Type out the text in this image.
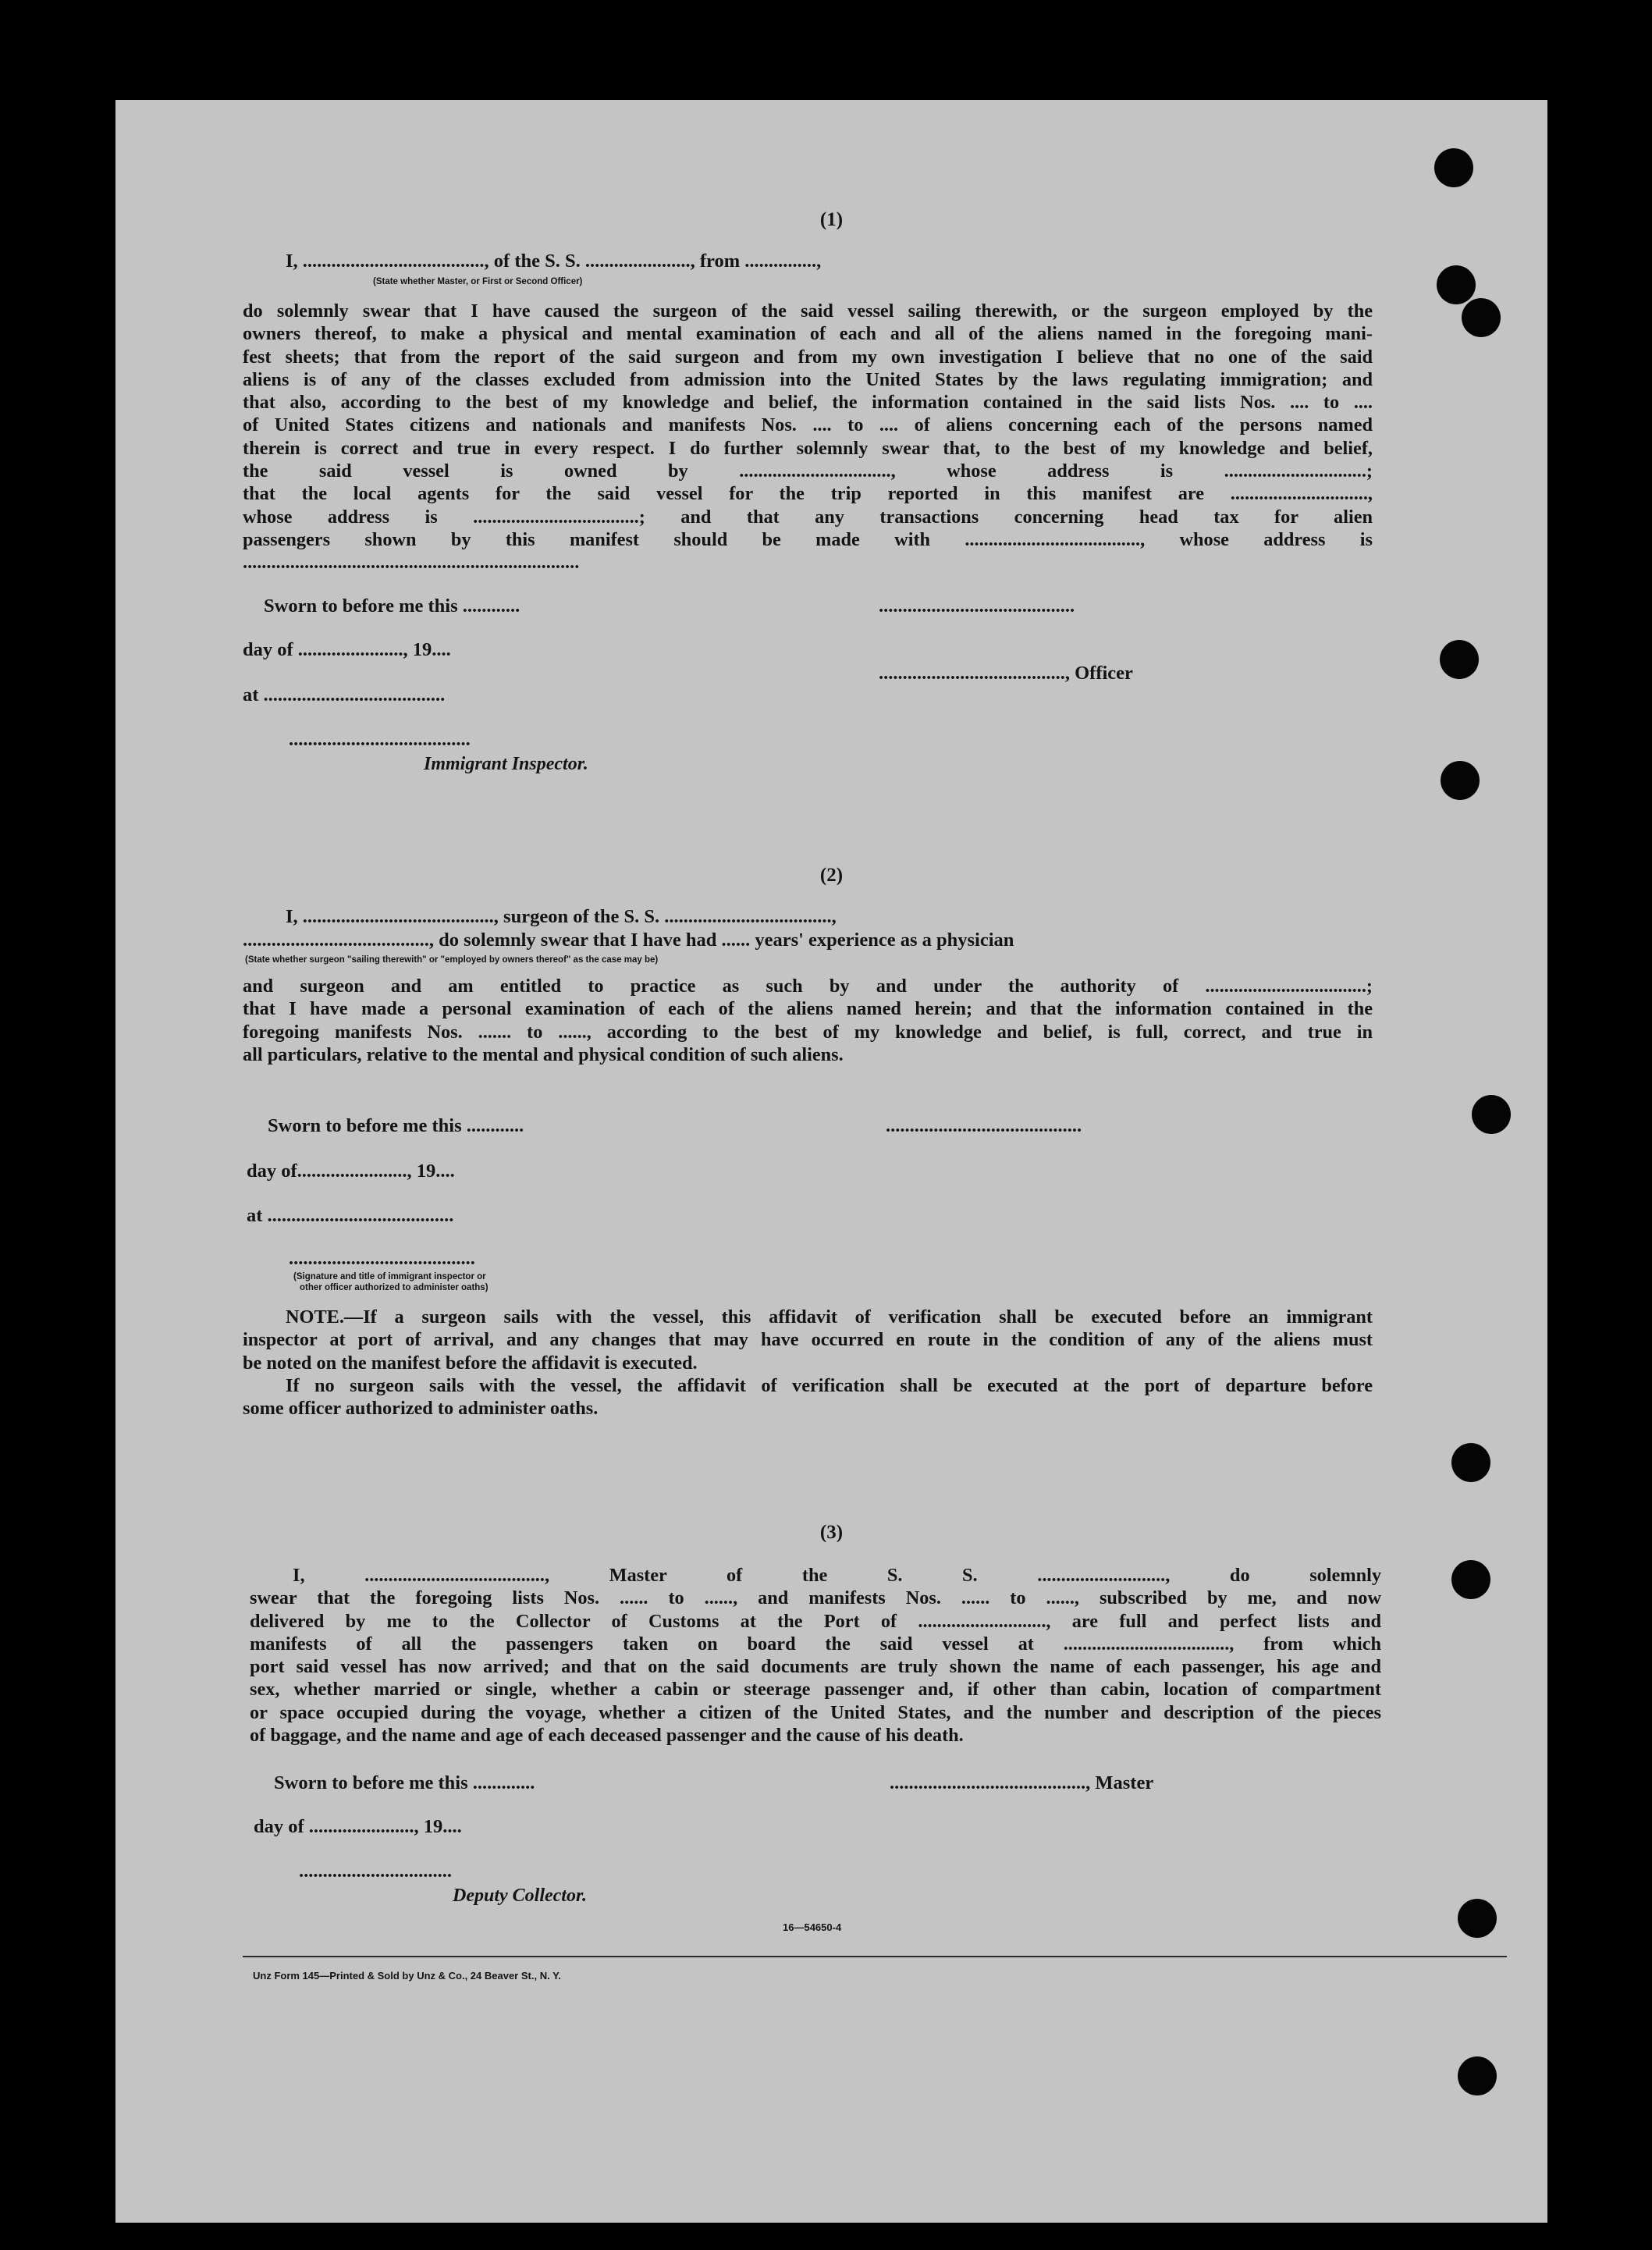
(1)
I, ......................................, of the S. S. ......................, from ...............,
(State whether Master, or First or Second Officer)
do solemnly swear that I have caused the surgeon of the said vessel sailing therewith, or the surgeon employed by the
owners thereof, to make a physical and mental examination of each and all of the aliens named in the foregoing mani-
fest sheets; that from the report of the said surgeon and from my own investigation I believe that no one of the said
aliens is of any of the classes excluded from admission into the United States by the laws regulating immigration; and
that also, according to the best of my knowledge and belief, the information contained in the said lists Nos. .... to ....
of United States citizens and nationals and manifests Nos. .... to .... of aliens concerning each of the persons named
therein is correct and true in every respect. I do further solemnly swear that, to the best of my knowledge and belief,
the said vessel is owned by ................................, whose address is ..............................;
that the local agents for the said vessel for the trip reported in this manifest are .............................,
whose address is ...................................; and that any transactions concerning head tax for alien
passengers shown by this manifest should be made with ....................................., whose address is
.......................................................................
Sworn to before me this ............	.........................................
day of ......................, 19....
......................................., Officer
at ......................................
......................................
Immigrant Inspector.
(2)
I, ........................................, surgeon of the S. S. ...................................,
......................................., do solemnly swear that I have had ...... years' experience as a physician
(State whether surgeon "sailing therewith" or "employed by owners thereof" as the case may be)
and surgeon and am entitled to practice as such by and under the authority of ..................................;
that I have made a personal examination of each of the aliens named herein; and that the information contained in the
foregoing manifests Nos. ....... to ......, according to the best of my knowledge and belief, is full, correct, and true in
all particulars, relative to the mental and physical condition of such aliens.
Sworn to before me this ............	.........................................
day of......................., 19....
at .......................................
.......................................
(Signature and title of immigrant inspector or
other officer authorized to administer oaths)
NOTE.—If a surgeon sails with the vessel, this affidavit of verification shall be executed before an immigrant
inspector at port of arrival, and any changes that may have occurred en route in the condition of any of the aliens must
be noted on the manifest before the affidavit is executed.
If no surgeon sails with the vessel, the affidavit of verification shall be executed at the port of departure before
some officer authorized to administer oaths.
(3)
I, ......................................, Master of the S. S. ..........................., do solemnly
swear that the foregoing lists Nos. ...... to ......, and manifests Nos. ...... to ......, subscribed by me, and now
delivered by me to the Collector of Customs at the Port of ..........................., are full and perfect lists and
manifests of all the passengers taken on board the said vessel at ..................................., from which
port said vessel has now arrived; and that on the said documents are truly shown the name of each passenger, his age and
sex, whether married or single, whether a cabin or steerage passenger and, if other than cabin, location of compartment
or space occupied during the voyage, whether a citizen of the United States, and the number and description of the pieces
of baggage, and the name and age of each deceased passenger and the cause of his death.
Sworn to before me this .............	........................................., Master
day of ......................, 19....
................................
Deputy Collector.
16—54650-4
Unz Form 145—Printed & Sold by Unz & Co., 24 Beaver St., N. Y.
